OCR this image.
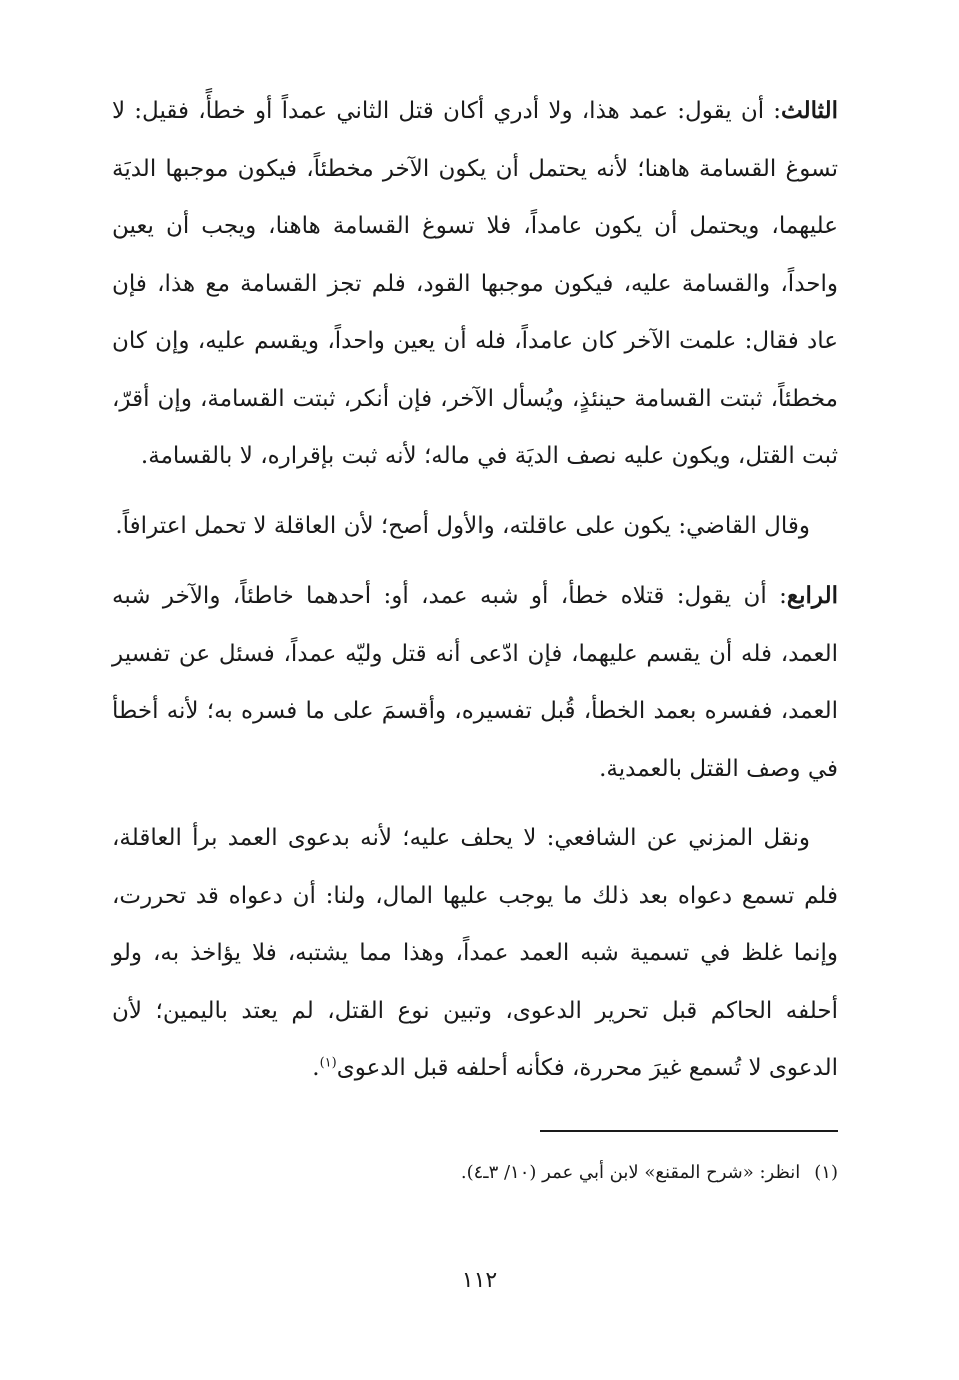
الثالث: أن يقول: عمد هذا، ولا أدري أكان قتل الثاني عمداً أو خطأً، فقيل: لا تسوغ القسامة هاهنا؛ لأنه يحتمل أن يكون الآخر مخطئاً، فيكون موجبها الديَة عليهما، ويحتمل أن يكون عامداً، فلا تسوغ القسامة هاهنا، ويجب أن يعين واحداً، والقسامة عليه، فيكون موجبها القود، فلم تجز القسامة مع هذا، فإن عاد فقال: علمت الآخر كان عامداً، فله أن يعين واحداً، ويقسم عليه، وإن كان مخطئاً، ثبتت القسامة حينئذٍ، ويُسأل الآخر، فإن أنكر، ثبتت القسامة، وإن أقرّ، ثبت القتل، ويكون عليه نصف الديَة في ماله؛ لأنه ثبت بإقراره، لا بالقسامة.

وقال القاضي: يكون على عاقلته، والأول أصح؛ لأن العاقلة لا تحمل اعترافاً.

الرابع: أن يقول: قتلاه خطأ، أو شبه عمد، أو: أحدهما خاطئاً، والآخر شبه العمد، فله أن يقسم عليهما، فإن ادّعى أنه قتل وليّه عمداً، فسئل عن تفسير العمد، ففسره بعمد الخطأ، قُبل تفسيره، وأقسمَ على ما فسره به؛ لأنه أخطأ في وصف القتل بالعمدية.

ونقل المزني عن الشافعي: لا يحلف عليه؛ لأنه بدعوى العمد برأ العاقلة، فلم تسمع دعواه بعد ذلك ما يوجب عليها المال، ولنا: أن دعواه قد تحررت، وإنما غلظ في تسمية شبه العمد عمداً، وهذا مما يشتبه، فلا يؤاخذ به، ولو أحلفه الحاكم قبل تحرير الدعوى، وتبين نوع القتل، لم يعتد باليمين؛ لأن الدعوى لا تُسمع غيرَ محررة، فكأنه أحلفه قبل الدعوى$^{(١)}$.

(١)انظر: «شرح المقنع» لابن أبي عمر (١٠/ ٣ـ٤).
١١٢
